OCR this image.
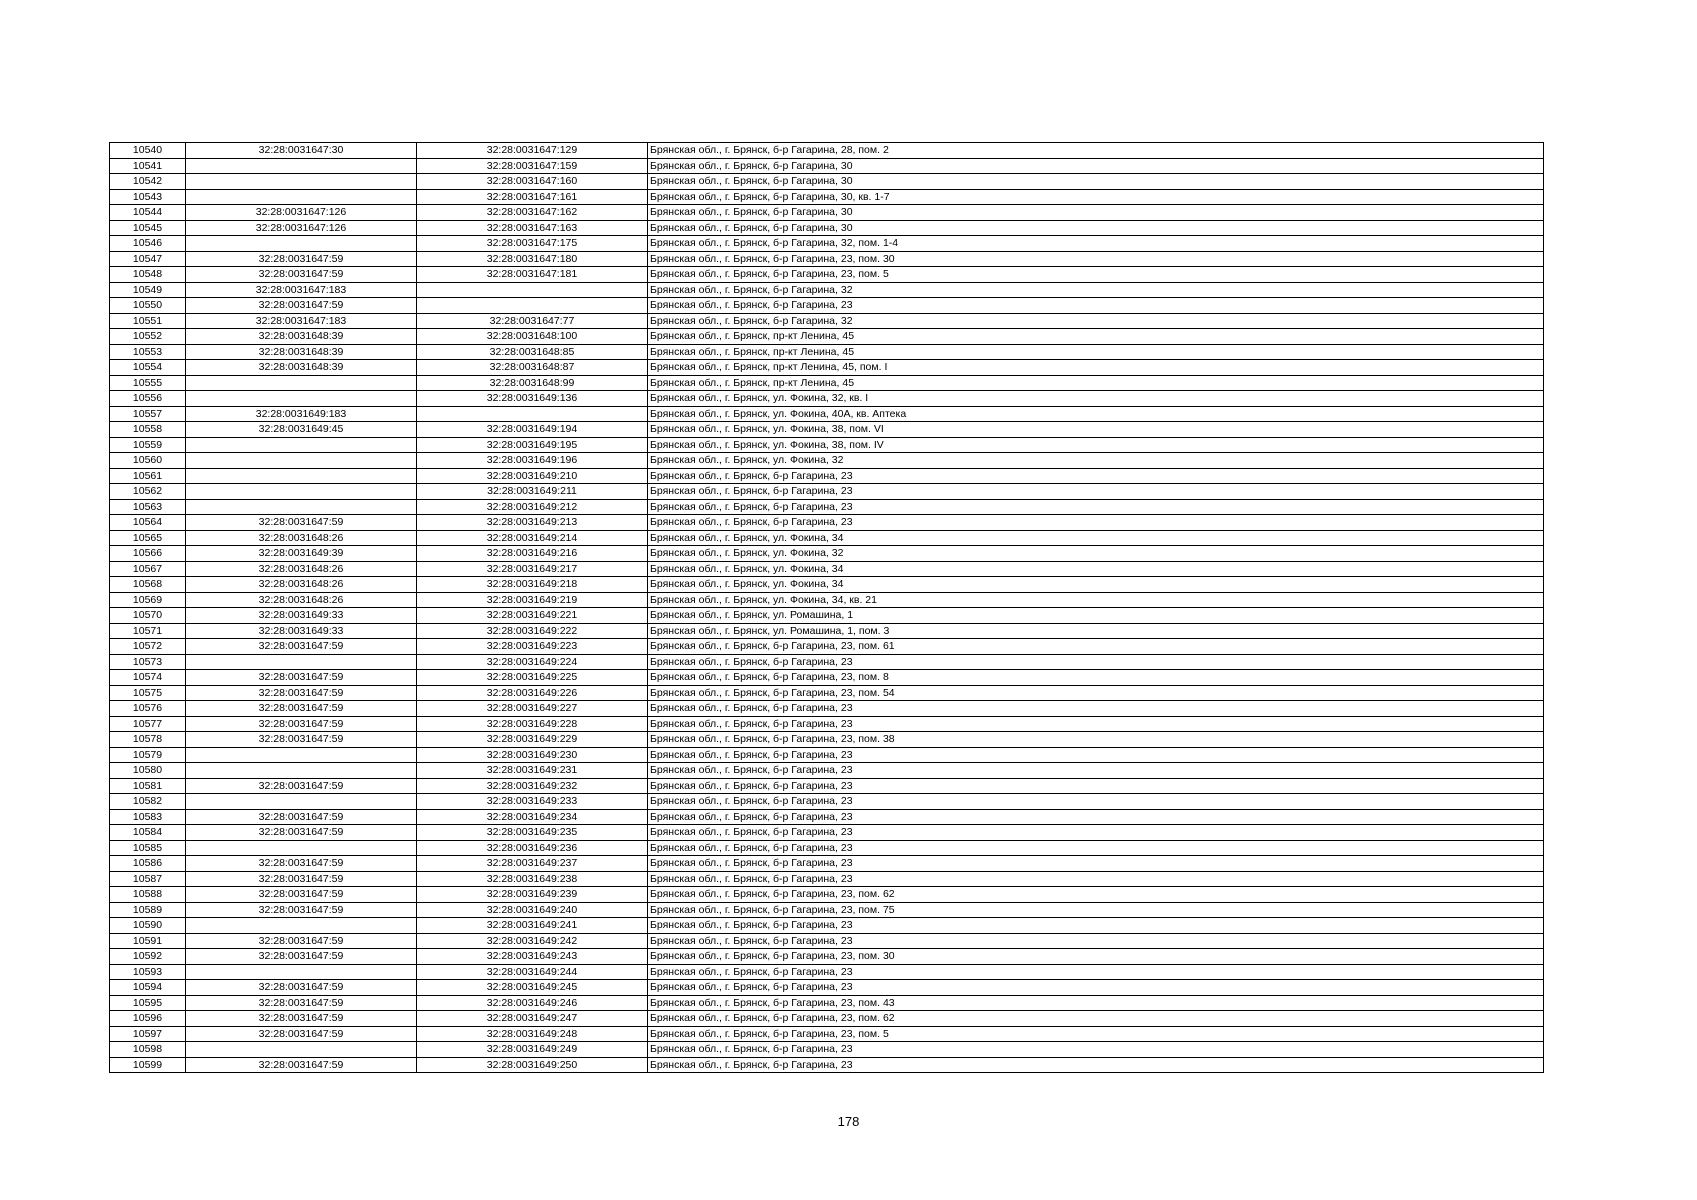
10540	32:28:0031647:30	32:28:0031647:129	Брянская обл., г. Брянск, б-р Гагарина, 28, пом. 2
10541		32:28:0031647:159	Брянская обл., г. Брянск, б-р Гагарина, 30
10542		32:28:0031647:160	Брянская обл., г. Брянск, б-р Гагарина, 30
10543		32:28:0031647:161	Брянская обл., г. Брянск, б-р Гагарина, 30, кв. 1-7
10544	32:28:0031647:126	32:28:0031647:162	Брянская обл., г. Брянск, б-р Гагарина, 30
10545	32:28:0031647:126	32:28:0031647:163	Брянская обл., г. Брянск, б-р Гагарина, 30
10546		32:28:0031647:175	Брянская обл., г. Брянск, б-р Гагарина, 32, пом. 1-4
10547	32:28:0031647:59	32:28:0031647:180	Брянская обл., г. Брянск, б-р Гагарина, 23, пом. 30
10548	32:28:0031647:59	32:28:0031647:181	Брянская обл., г. Брянск, б-р Гагарина, 23, пом. 5
10549	32:28:0031647:183		Брянская обл., г. Брянск, б-р Гагарина, 32
10550	32:28:0031647:59		Брянская обл., г. Брянск, б-р Гагарина, 23
10551	32:28:0031647:183	32:28:0031647:77	Брянская обл., г. Брянск, б-р Гагарина, 32
10552	32:28:0031648:39	32:28:0031648:100	Брянская обл., г. Брянск, пр-кт Ленина, 45
10553	32:28:0031648:39	32:28:0031648:85	Брянская обл., г. Брянск, пр-кт Ленина, 45
10554	32:28:0031648:39	32:28:0031648:87	Брянская обл., г. Брянск, пр-кт Ленина, 45, пом. I
10555		32:28:0031648:99	Брянская обл., г. Брянск, пр-кт Ленина, 45
10556		32:28:0031649:136	Брянская обл., г. Брянск, ул. Фокина, 32, кв. I
10557	32:28:0031649:183		Брянская обл., г. Брянск, ул. Фокина, 40А, кв. Аптека
10558	32:28:0031649:45	32:28:0031649:194	Брянская обл., г. Брянск, ул. Фокина, 38, пом. VI
10559		32:28:0031649:195	Брянская обл., г. Брянск, ул. Фокина, 38, пом. IV
10560		32:28:0031649:196	Брянская обл., г. Брянск, ул. Фокина, 32
10561		32:28:0031649:210	Брянская обл., г. Брянск, б-р Гагарина, 23
10562		32:28:0031649:211	Брянская обл., г. Брянск, б-р Гагарина, 23
10563		32:28:0031649:212	Брянская обл., г. Брянск, б-р Гагарина, 23
10564	32:28:0031647:59	32:28:0031649:213	Брянская обл., г. Брянск, б-р Гагарина, 23
10565	32:28:0031648:26	32:28:0031649:214	Брянская обл., г. Брянск, ул. Фокина, 34
10566	32:28:0031649:39	32:28:0031649:216	Брянская обл., г. Брянск, ул. Фокина, 32
10567	32:28:0031648:26	32:28:0031649:217	Брянская обл., г. Брянск, ул. Фокина, 34
10568	32:28:0031648:26	32:28:0031649:218	Брянская обл., г. Брянск, ул. Фокина, 34
10569	32:28:0031648:26	32:28:0031649:219	Брянская обл., г. Брянск, ул. Фокина, 34, кв. 21
10570	32:28:0031649:33	32:28:0031649:221	Брянская обл., г. Брянск, ул. Ромашина, 1
10571	32:28:0031649:33	32:28:0031649:222	Брянская обл., г. Брянск, ул. Ромашина, 1, пом. 3
10572	32:28:0031647:59	32:28:0031649:223	Брянская обл., г. Брянск, б-р Гагарина, 23, пом. 61
10573		32:28:0031649:224	Брянская обл., г. Брянск, б-р Гагарина, 23
10574	32:28:0031647:59	32:28:0031649:225	Брянская обл., г. Брянск, б-р Гагарина, 23, пом. 8
10575	32:28:0031647:59	32:28:0031649:226	Брянская обл., г. Брянск, б-р Гагарина, 23, пом. 54
10576	32:28:0031647:59	32:28:0031649:227	Брянская обл., г. Брянск, б-р Гагарина, 23
10577	32:28:0031647:59	32:28:0031649:228	Брянская обл., г. Брянск, б-р Гагарина, 23
10578	32:28:0031647:59	32:28:0031649:229	Брянская обл., г. Брянск, б-р Гагарина, 23, пом. 38
10579		32:28:0031649:230	Брянская обл., г. Брянск, б-р Гагарина, 23
10580		32:28:0031649:231	Брянская обл., г. Брянск, б-р Гагарина, 23
10581	32:28:0031647:59	32:28:0031649:232	Брянская обл., г. Брянск, б-р Гагарина, 23
10582		32:28:0031649:233	Брянская обл., г. Брянск, б-р Гагарина, 23
10583	32:28:0031647:59	32:28:0031649:234	Брянская обл., г. Брянск, б-р Гагарина, 23
10584	32:28:0031647:59	32:28:0031649:235	Брянская обл., г. Брянск, б-р Гагарина, 23
10585		32:28:0031649:236	Брянская обл., г. Брянск, б-р Гагарина, 23
10586	32:28:0031647:59	32:28:0031649:237	Брянская обл., г. Брянск, б-р Гагарина, 23
10587	32:28:0031647:59	32:28:0031649:238	Брянская обл., г. Брянск, б-р Гагарина, 23
10588	32:28:0031647:59	32:28:0031649:239	Брянская обл., г. Брянск, б-р Гагарина, 23, пом. 62
10589	32:28:0031647:59	32:28:0031649:240	Брянская обл., г. Брянск, б-р Гагарина, 23, пом. 75
10590		32:28:0031649:241	Брянская обл., г. Брянск, б-р Гагарина, 23
10591	32:28:0031647:59	32:28:0031649:242	Брянская обл., г. Брянск, б-р Гагарина, 23
10592	32:28:0031647:59	32:28:0031649:243	Брянская обл., г. Брянск, б-р Гагарина, 23, пом. 30
10593		32:28:0031649:244	Брянская обл., г. Брянск, б-р Гагарина, 23
10594	32:28:0031647:59	32:28:0031649:245	Брянская обл., г. Брянск, б-р Гагарина, 23
10595	32:28:0031647:59	32:28:0031649:246	Брянская обл., г. Брянск, б-р Гагарина, 23, пом. 43
10596	32:28:0031647:59	32:28:0031649:247	Брянская обл., г. Брянск, б-р Гагарина, 23, пом. 62
10597	32:28:0031647:59	32:28:0031649:248	Брянская обл., г. Брянск, б-р Гагарина, 23, пом. 5
10598		32:28:0031649:249	Брянская обл., г. Брянск, б-р Гагарина, 23
10599	32:28:0031647:59	32:28:0031649:250	Брянская обл., г. Брянск, б-р Гагарина, 23
178
